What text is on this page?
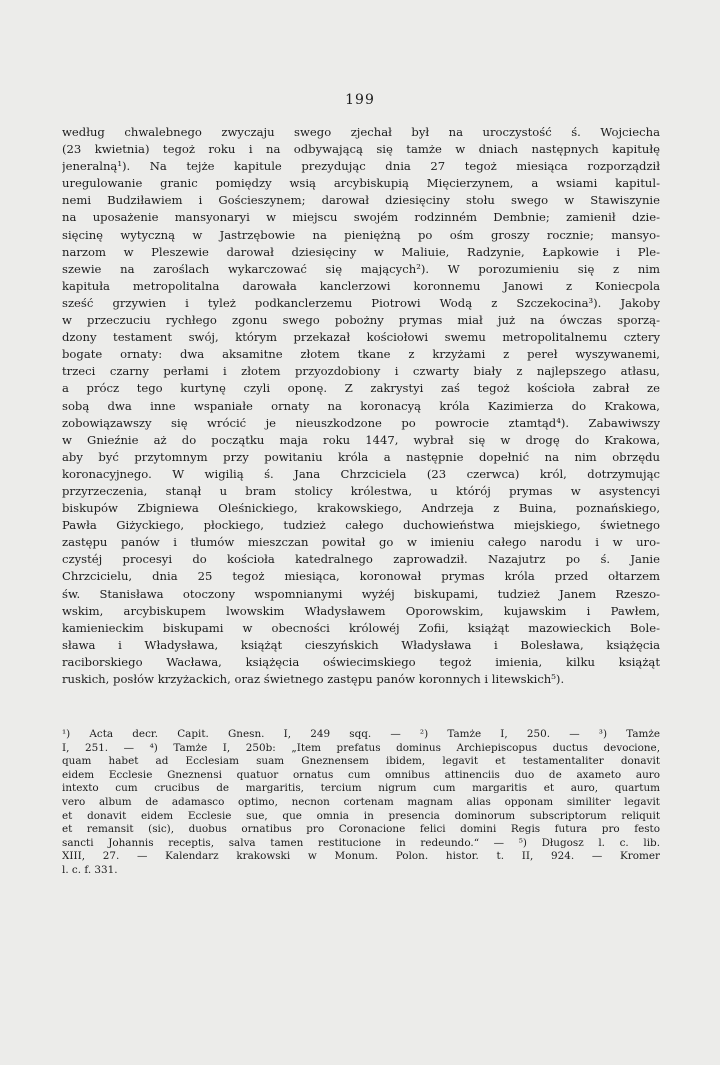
199
według chwalebnego zwyczaju swego zjechał był na uroczystość ś. Wojciecha
(23 kwietnia) tegoż roku i na odbywającą się tamże w dniach następnych kapitułę
jeneralną¹). Na tejże kapitule prezydując dnia 27 tegoż miesiąca rozporządził
uregulowanie granic pomiędzy wsią arcybiskupią Mięcierzynem, a wsiami kapitul-
nemi Budziławiem i Gościeszynem; darował dziesięciny stołu swego w Stawiszynie
na uposażenie mansyonaryi w miejscu swojém rodzinném Dembnie; zamienił dzie-
sięcinę wytyczną w Jastrzębowie na pieniężną po ośm groszy rocznie; mansyo-
narzom w Pleszewie darował dziesięciny w Maliuie, Radzynie, Łapkowie i Ple-
szewie na zaroślach wykarczować się mających²). W porozumieniu się z nim
kapituła metropolitalna darowała kanclerzowi koronnemu Janowi z Koniecpola
sześć grzywien i tyleż podkanclerzemu Piotrowi Wodą z Szczekocina³). Jakoby
w przeczuciu rychłego zgonu swego pobożny prymas miał już na ówczas sporzą-
dzony testament swój, którym przekazał kościołowi swemu metropolitalnemu cztery
bogate ornaty: dwa aksamitne złotem tkane z krzyżami z pereł wyszywanemi,
trzeci czarny perłami i złotem przyozdobiony i czwarty biały z najlepszego atłasu,
a prócz tego kurtynę czyli oponę. Z zakrystyi zaś tegoż kościoła zabrał ze
sobą dwa inne wspaniałe ornaty na koronacyą króla Kazimierza do Krakowa,
zobowiązawszy się wrócić je nieuszkodzone po powrocie ztamtąd⁴). Zabawiwszy
w Gnieźnie aż do początku maja roku 1447, wybrał się w drogę do Krakowa,
aby być przytomnym przy powitaniu króla a następnie dopełnić na nim obrzędu
koronacyjnego. W wigilią ś. Jana Chrzciciela (23 czerwca) król, dotrzymując
przyrzeczenia, stanął u bram stolicy królestwa, u którój prymas w asystencyi
biskupów Zbigniewa Oleśnickiego, krakowskiego, Andrzeja z Buina, poznańskiego,
Pawła Giżyckiego, płockiego, tudzież całego duchowieństwa miejskiego, świetnego
zastępu panów i tłumów mieszczan powitał go w imieniu całego narodu i w uro-
czystéj procesyi do kościoła katedralnego zaprowadził. Nazajutrz po ś. Janie
Chrzcicielu, dnia 25 tegoż miesiąca, koronował prymas króla przed ołtarzem
św. Stanisława otoczony wspomnianymi wyżéj biskupami, tudzież Janem Rzeszo-
wskim, arcybiskupem lwowskim Władysławem Oporowskim, kujawskim i Pawłem,
kamienieckim biskupami w obecności królowéj Zofii, książąt mazowieckich Bole-
sława i Władysława, książąt cieszyńskich Władysława i Bolesława, książęcia
raciborskiego Wacława, książęcia oświecimskiego tegoż imienia, kilku książąt
ruskich, posłów krzyżackich, oraz świetnego zastępu panów koronnych i litewskich⁵).
¹) Acta decr. Capit. Gnesn. I, 249 sqq. — ²) Tamże I, 250. — ³) Tamże
I, 251. — ⁴) Tamże I, 250b: „Item prefatus dominus Archiepiscopus ductus devocione,
quam habet ad Ecclesiam suam Gneznensem ibidem, legavit et testamentaliter donavit
eidem Ecclesie Gneznensi quatuor ornatus cum omnibus attinenciis duo de axameto auro
intexto cum crucibus de margaritis, tercium nigrum cum margaritis et auro, quartum
vero album de adamasco optimo, necnon cortenam magnam alias opponam similiter legavit
et donavit eidem Ecclesie sue, que omnia in presencia dominorum subscriptorum reliquit
et remansit (sic), duobus ornatibus pro Coronacione felici domini Regis futura pro festo
sancti Johannis receptis, salva tamen restitucione in redeundo.“ — ⁵) Długosz l. c. lib.
XIII, 27. — Kalendarz krakowski w Monum. Polon. histor. t. II, 924. — Kromer
l. c. f. 331.
